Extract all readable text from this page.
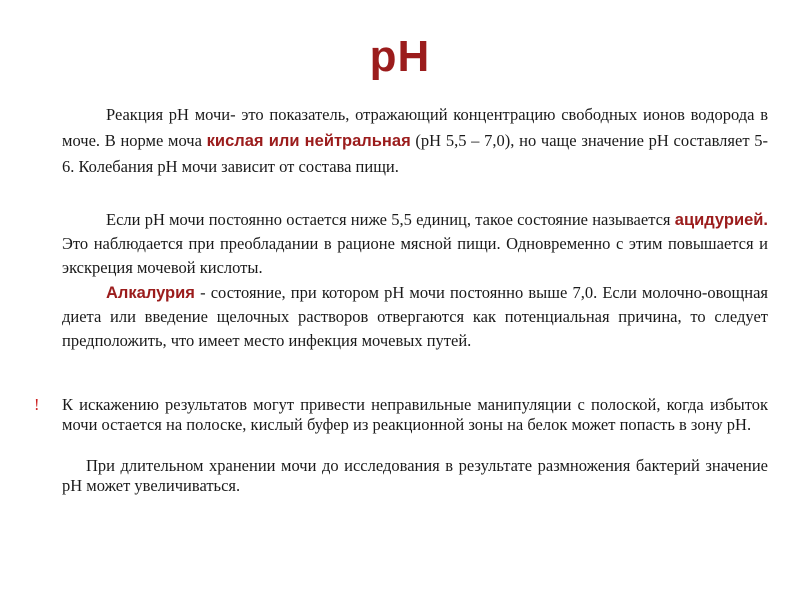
pH
Реакция pH мочи- это показатель, отражающий концентрацию свободных ионов водорода в моче. В норме моча кислая или нейтральная (pH 5,5 – 7,0), но чаще значение pH составляет 5-6. Колебания pH мочи зависит от состава пищи.
Если pH мочи постоянно остается ниже 5,5 единиц, такое состояние называется ацидурией. Это наблюдается при преобладании в рационе мясной пищи. Одновременно с этим повышается и экскреция мочевой кислоты.
Алкалурия - состояние, при котором pH мочи постоянно выше 7,0. Если молочно-овощная диета или введение щелочных растворов отвергаются как потенциальная причина, то следует предположить, что имеет место инфекция мочевых путей.
! К искажению результатов могут привести неправильные манипуляции с полоской, когда избыток мочи остается на полоске, кислый буфер из реакционной зоны на белок может попасть в зону pH.
При длительном хранении мочи до исследования в результате размножения бактерий значение pH может увеличиваться.
